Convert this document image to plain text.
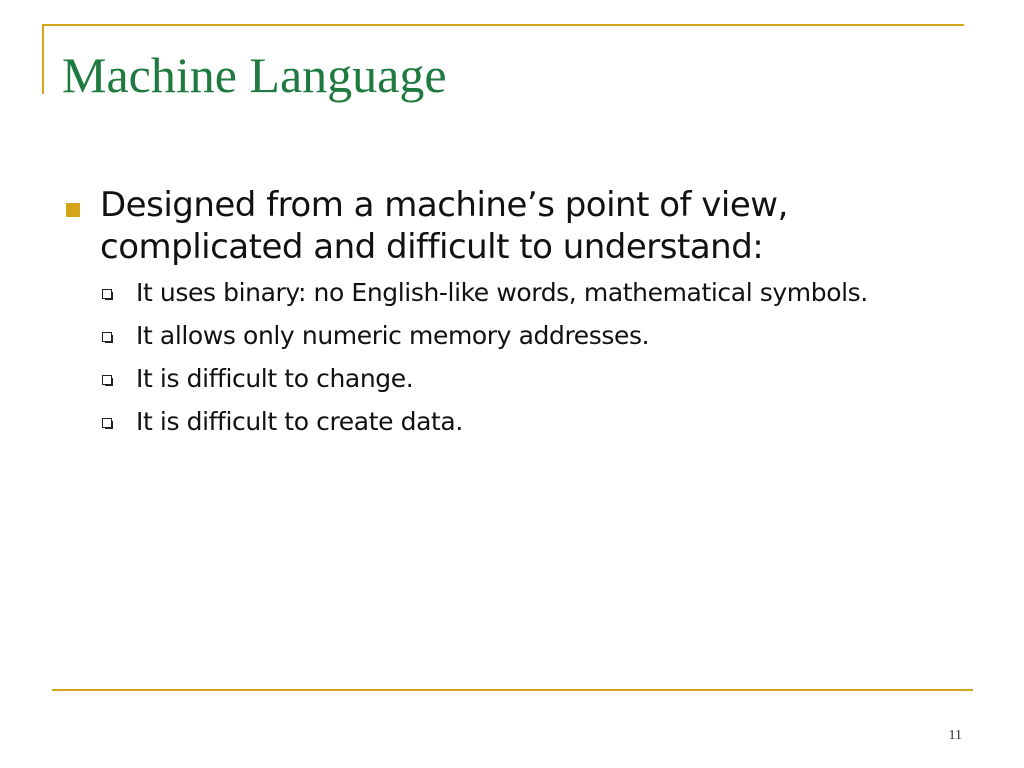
Machine Language
Designed from a machine’s point of view, complicated and difficult to understand:
It uses binary: no English-like words, mathematical symbols.
It allows only numeric memory addresses.
It is difficult to change.
It is difficult to create data.
11
